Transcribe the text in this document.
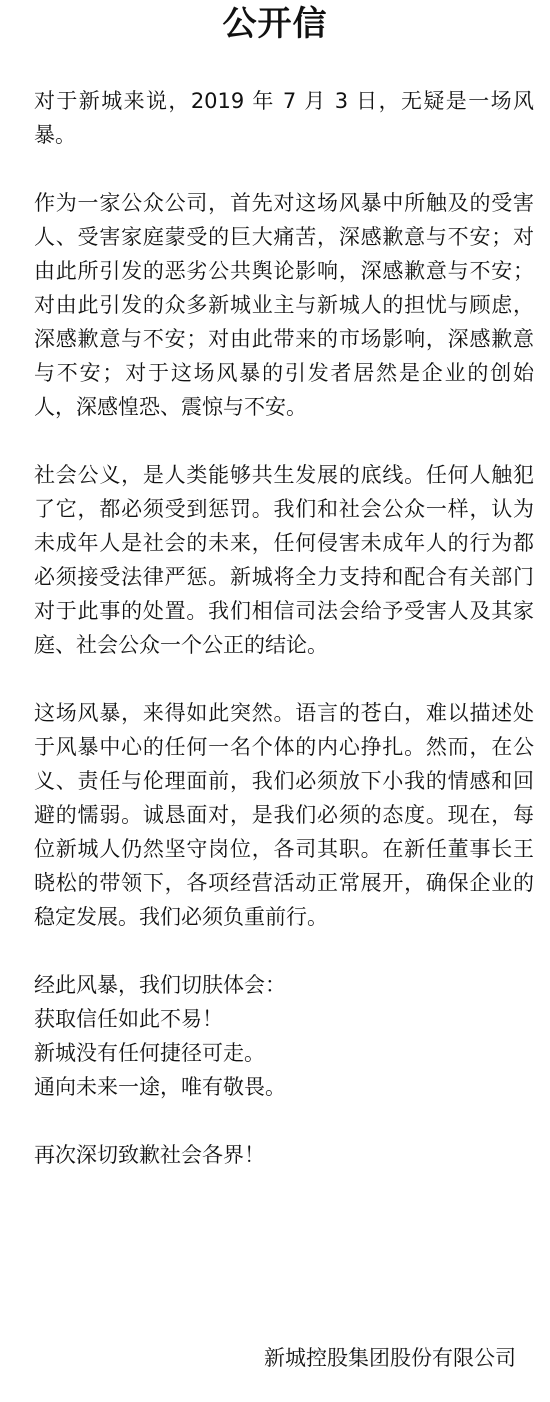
公开信

对于新城来说，2019 年 7 月 3 日，无疑是一场风暴。

作为一家公众公司，首先对这场风暴中所触及的受害人、受害家庭蒙受的巨大痛苦，深感歉意与不安；对由此所引发的恶劣公共舆论影响，深感歉意与不安；对由此引发的众多新城业主与新城人的担忧与顾虑，深感歉意与不安；对由此带来的市场影响，深感歉意与不安；对于这场风暴的引发者居然是企业的创始人，深感惶恐、震惊与不安。

社会公义，是人类能够共生发展的底线。任何人触犯了它，都必须受到惩罚。我们和社会公众一样，认为未成年人是社会的未来，任何侵害未成年人的行为都必须接受法律严惩。新城将全力支持和配合有关部门对于此事的处置。我们相信司法会给予受害人及其家庭、社会公众一个公正的结论。

这场风暴，来得如此突然。语言的苍白，难以描述处于风暴中心的任何一名个体的内心挣扎。然而，在公义、责任与伦理面前，我们必须放下小我的情感和回避的懦弱。诚恳面对，是我们必须的态度。现在，每位新城人仍然坚守岗位，各司其职。在新任董事长王晓松的带领下，各项经营活动正常展开，确保企业的稳定发展。我们必须负重前行。

经此风暴，我们切肤体会：

获取信任如此不易！

新城没有任何捷径可走。

通向未来一途，唯有敬畏。

再次深切致歉社会各界！

新城控股集团股份有限公司
